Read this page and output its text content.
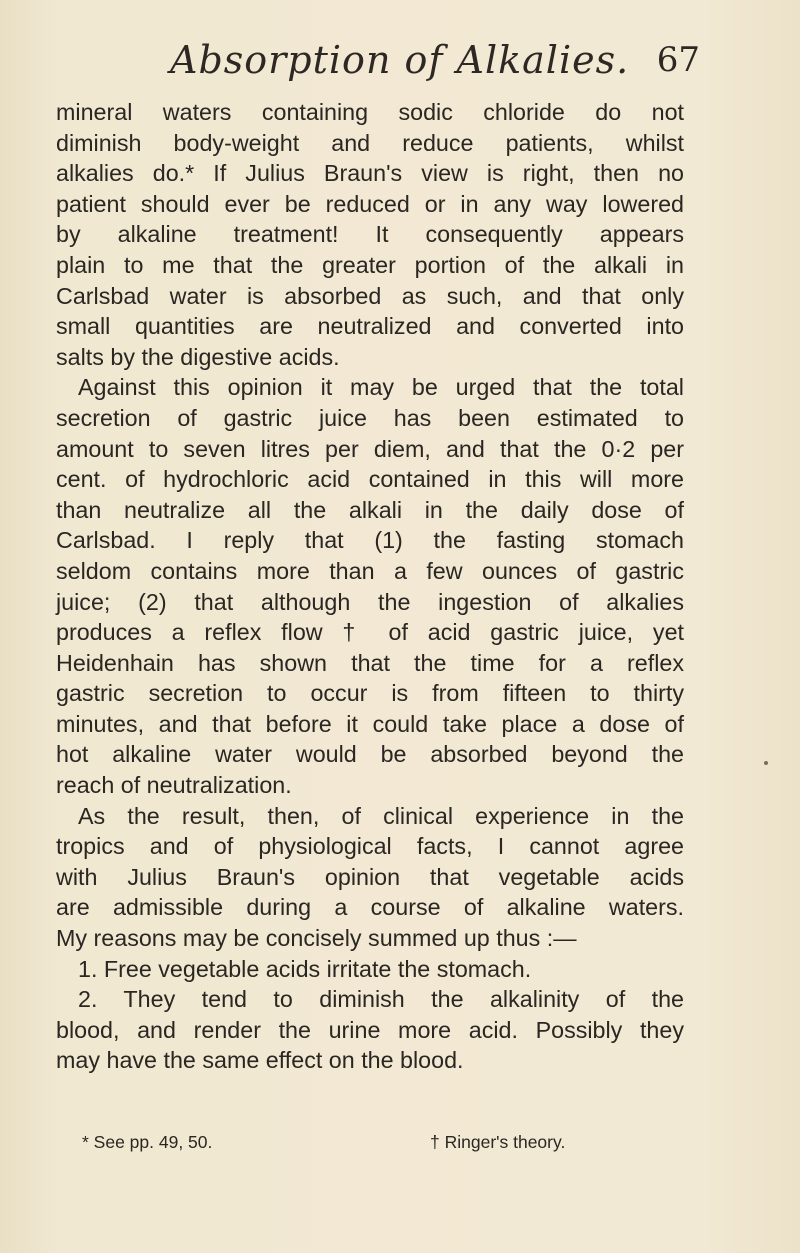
Absorption of Alkalies. 67
mineral waters containing sodic chloride do not
diminish body-weight and reduce patients, whilst
alkalies do.* If Julius Braun's view is right, then no
patient should ever be reduced or in any way lowered
by alkaline treatment! It consequently appears
plain to me that the greater portion of the alkali in
Carlsbad water is absorbed as such, and that only
small quantities are neutralized and converted into
salts by the digestive acids.
Against this opinion it may be urged that the total
secretion of gastric juice has been estimated to
amount to seven litres per diem, and that the 0·2 per
cent. of hydrochloric acid contained in this will more
than neutralize all the alkali in the daily dose of
Carlsbad. I reply that (1) the fasting stomach
seldom contains more than a few ounces of gastric
juice; (2) that although the ingestion of alkalies
produces a reflex flow † of acid gastric juice, yet
Heidenhain has shown that the time for a reflex
gastric secretion to occur is from fifteen to thirty
minutes, and that before it could take place a dose of
hot alkaline water would be absorbed beyond the
reach of neutralization.
As the result, then, of clinical experience in the
tropics and of physiological facts, I cannot agree
with Julius Braun's opinion that vegetable acids
are admissible during a course of alkaline waters.
My reasons may be concisely summed up thus :—
1. Free vegetable acids irritate the stomach.
2. They tend to diminish the alkalinity of the
blood, and render the urine more acid. Possibly they
may have the same effect on the blood.
* See pp. 49, 50.	† Ringer's theory.
